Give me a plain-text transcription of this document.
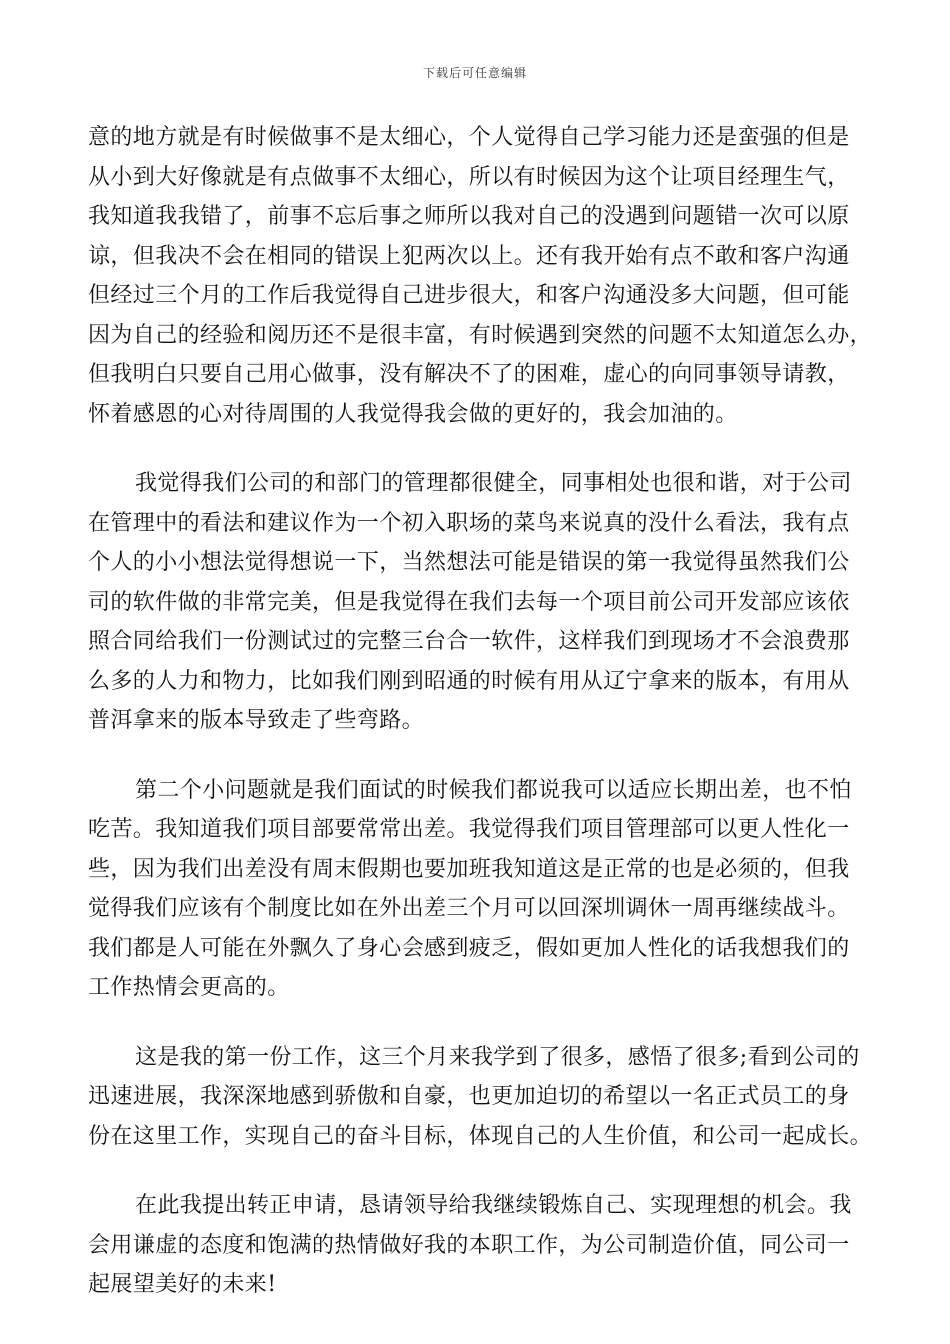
下载后可任意编辑
意的地方就是有时候做事不是太细心，个人觉得自己学习能力还是蛮强的但是
从小到大好像就是有点做事不太细心，所以有时候因为这个让项目经理生气，
我知道我我错了，前事不忘后事之师所以我对自己的没遇到问题错一次可以原
谅，但我决不会在相同的错误上犯两次以上。还有我开始有点不敢和客户沟通
但经过三个月的工作后我觉得自己进步很大，和客户沟通没多大问题，但可能
因为自己的经验和阅历还不是很丰富，有时候遇到突然的问题不太知道怎么办，
但我明白只要自己用心做事，没有解决不了的困难，虚心的向同事领导请教，
怀着感恩的心对待周围的人我觉得我会做的更好的，我会加油的。
我觉得我们公司的和部门的管理都很健全，同事相处也很和谐，对于公司
在管理中的看法和建议作为一个初入职场的菜鸟来说真的没什么看法，我有点
个人的小小想法觉得想说一下，当然想法可能是错误的第一我觉得虽然我们公
司的软件做的非常完美，但是我觉得在我们去每一个项目前公司开发部应该依
照合同给我们一份测试过的完整三台合一软件，这样我们到现场才不会浪费那
么多的人力和物力，比如我们刚到昭通的时候有用从辽宁拿来的版本，有用从
普洱拿来的版本导致走了些弯路。
第二个小问题就是我们面试的时候我们都说我可以适应长期出差，也不怕
吃苦。我知道我们项目部要常常出差。我觉得我们项目管理部可以更人性化一
些，因为我们出差没有周末假期也要加班我知道这是正常的也是必须的，但我
觉得我们应该有个制度比如在外出差三个月可以回深圳调休一周再继续战斗。
我们都是人可能在外飘久了身心会感到疲乏，假如更加人性化的话我想我们的
工作热情会更高的。
这是我的第一份工作，这三个月来我学到了很多，感悟了很多;看到公司的
迅速进展，我深深地感到骄傲和自豪，也更加迫切的希望以一名正式员工的身
份在这里工作，实现自己的奋斗目标，体现自己的人生价值，和公司一起成长。
在此我提出转正申请，恳请领导给我继续锻炼自己、实现理想的机会。我
会用谦虚的态度和饱满的热情做好我的本职工作，为公司制造价值，同公司一
起展望美好的未来!
